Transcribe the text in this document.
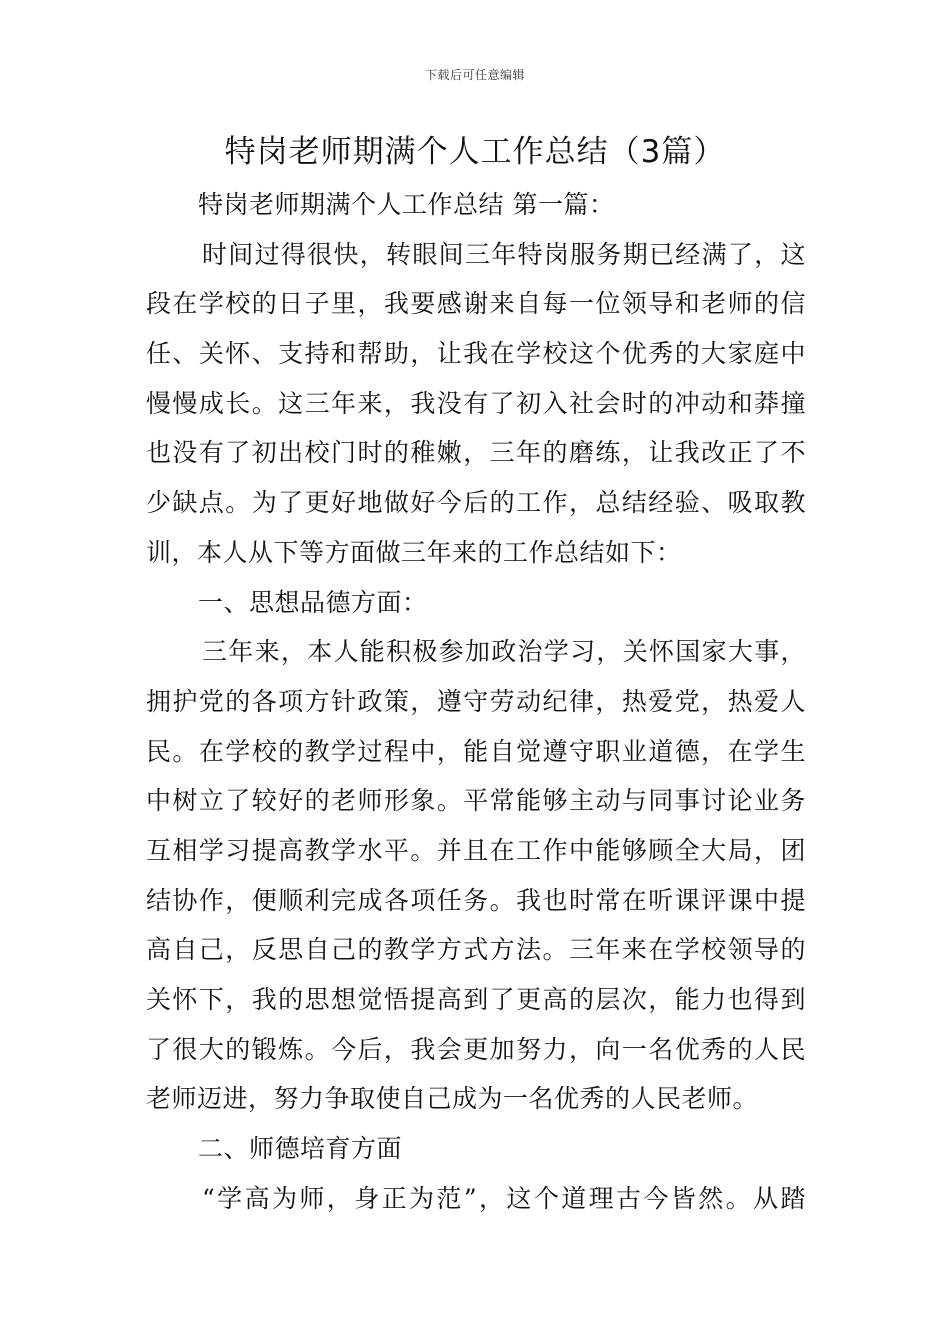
下载后可任意编辑
特岗老师期满个人工作总结（3篇）
特岗老师期满个人工作总结 第一篇：
时间过得很快，转眼间三年特岗服务期已经满了，这
段在学校的日子里，我要感谢来自每一位领导和老师的信
任、关怀、支持和帮助，让我在学校这个优秀的大家庭中
慢慢成长。这三年来，我没有了初入社会时的冲动和莽撞
也没有了初出校门时的稚嫩，三年的磨练，让我改正了不
少缺点。为了更好地做好今后的工作，总结经验、吸取教
训，本人从下等方面做三年来的工作总结如下：
一、思想品德方面：
三年来，本人能积极参加政治学习，关怀国家大事，
拥护党的各项方针政策，遵守劳动纪律，热爱党，热爱人
民。在学校的教学过程中，能自觉遵守职业道德，在学生
中树立了较好的老师形象。平常能够主动与同事讨论业务
互相学习提高教学水平。并且在工作中能够顾全大局，团
结协作，便顺利完成各项任务。我也时常在听课评课中提
高自己，反思自己的教学方式方法。三年来在学校领导的
关怀下，我的思想觉悟提高到了更高的层次，能力也得到
了很大的锻炼。今后，我会更加努力，向一名优秀的人民
老师迈进，努力争取使自己成为一名优秀的人民老师。
二、师德培育方面
“学高为师，身正为范”，这个道理古今皆然。从踏
